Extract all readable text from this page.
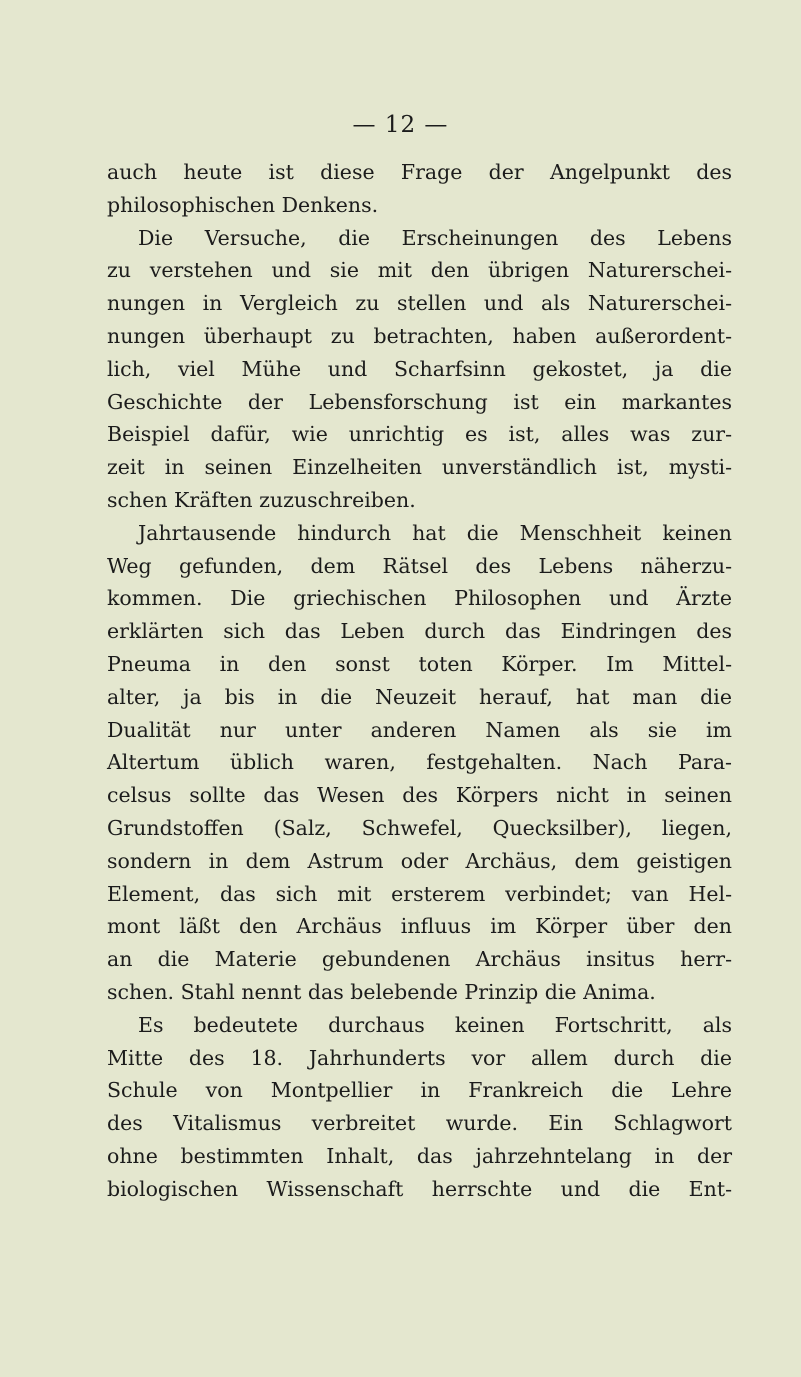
— 12 —
auch heute ist diese Frage der Angelpunkt des
philosophischen Denkens.
Die Versuche, die Erscheinungen des Lebens
zu verstehen und sie mit den übrigen Naturerschei-
nungen in Vergleich zu stellen und als Naturerschei-
nungen überhaupt zu betrachten, haben außerordent-
lich, viel Mühe und Scharfsinn gekostet, ja die
Geschichte der Lebensforschung ist ein markantes
Beispiel dafür, wie unrichtig es ist, alles was zur-
zeit in seinen Einzelheiten unverständlich ist, mysti-
schen Kräften zuzuschreiben.
Jahrtausende hindurch hat die Menschheit keinen
Weg gefunden, dem Rätsel des Lebens näherzu-
kommen. Die griechischen Philosophen und Ärzte
erklärten sich das Leben durch das Eindringen des
Pneuma in den sonst toten Körper. Im Mittel-
alter, ja bis in die Neuzeit herauf, hat man die
Dualität nur unter anderen Namen als sie im
Altertum üblich waren, festgehalten. Nach Para-
celsus sollte das Wesen des Körpers nicht in seinen
Grundstoffen (Salz, Schwefel, Quecksilber), liegen,
sondern in dem Astrum oder Archäus, dem geistigen
Element, das sich mit ersterem verbindet; van Hel-
mont läßt den Archäus influus im Körper über den
an die Materie gebundenen Archäus insitus herr-
schen. Stahl nennt das belebende Prinzip die Anima.
Es bedeutete durchaus keinen Fortschritt, als
Mitte des 18. Jahrhunderts vor allem durch die
Schule von Montpellier in Frankreich die Lehre
des Vitalismus verbreitet wurde. Ein Schlagwort
ohne bestimmten Inhalt, das jahrzehntelang in der
biologischen Wissenschaft herrschte und die Ent-
